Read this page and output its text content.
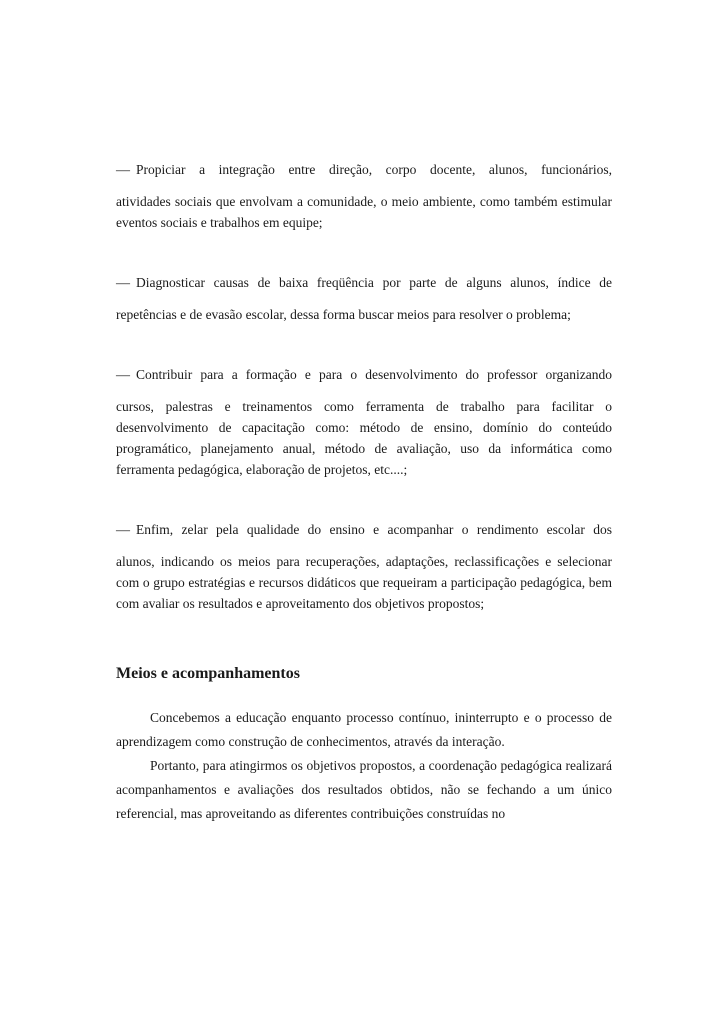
— Propiciar a integração entre direção, corpo docente, alunos, funcionários,

atividades sociais que envolvam a comunidade, o meio ambiente, como também estimular eventos sociais e trabalhos em equipe;

— Diagnosticar causas de baixa freqüência por parte de alguns alunos, índice de

repetências e de evasão escolar, dessa forma buscar meios para resolver o problema;

— Contribuir para a formação e para o desenvolvimento do professor organizando

cursos, palestras e treinamentos como ferramenta de trabalho para facilitar o desenvolvimento de capacitação como: método de ensino, domínio do conteúdo programático, planejamento anual, método de avaliação, uso da informática como ferramenta pedagógica, elaboração de projetos, etc....;

— Enfim, zelar pela qualidade do ensino e acompanhar o rendimento escolar dos

alunos, indicando os meios para recuperações, adaptações, reclassificações e selecionar com o grupo estratégias e recursos didáticos que requeiram a participação pedagógica, bem com avaliar os resultados e aproveitamento dos objetivos propostos;

Meios e acompanhamentos

Concebemos a educação enquanto processo contínuo, ininterrupto e o processo de aprendizagem como construção de conhecimentos, através da interação.

Portanto, para atingirmos os objetivos propostos, a coordenação pedagógica realizará acompanhamentos e avaliações dos resultados obtidos, não se fechando a um único referencial, mas aproveitando as diferentes contribuições construídas no
